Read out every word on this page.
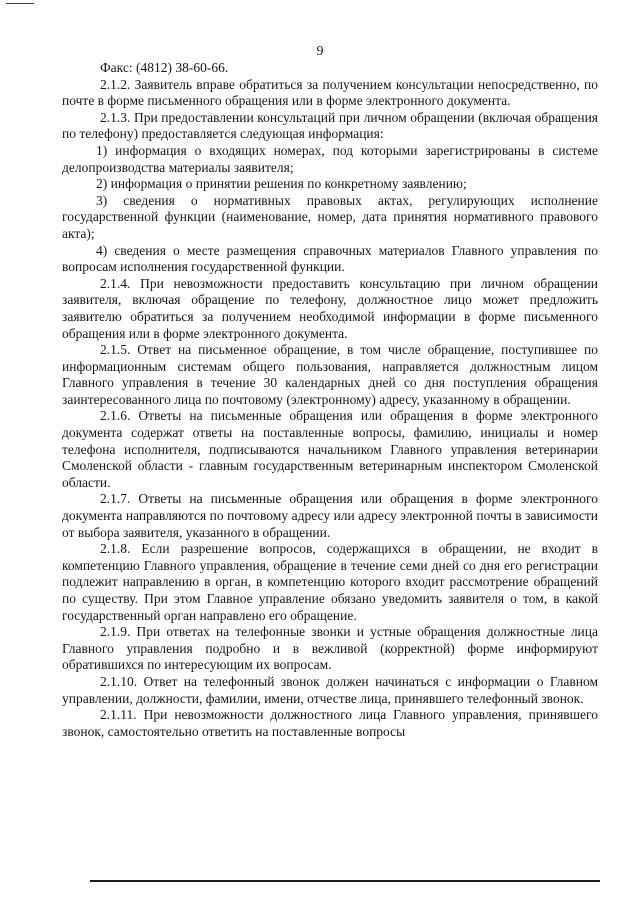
9

Факс: (4812) 38-60-66.

2.1.2. Заявитель вправе обратиться за получением консультации непосредственно, по почте в форме письменного обращения или в форме электронного документа.

2.1.3. При предоставлении консультаций при личном обращении (включая обращения по телефону) предоставляется следующая информация:

1) информация о входящих номерах, под которыми зарегистрированы в системе делопроизводства материалы заявителя;

2) информация о принятии решения по конкретному заявлению;

3) сведения о нормативных правовых актах, регулирующих исполнение государственной функции (наименование, номер, дата принятия нормативного правового акта);

4) сведения о месте размещения справочных материалов Главного управления по вопросам исполнения государственной функции.

2.1.4. При невозможности предоставить консультацию при личном обращении заявителя, включая обращение по телефону, должностное лицо может предложить заявителю обратиться за получением необходимой информации в форме письменного обращения или в форме электронного документа.

2.1.5. Ответ на письменное обращение, в том числе обращение, поступившее по информационным системам общего пользования, направляется должностным лицом Главного управления в течение 30 календарных дней со дня поступления обращения заинтересованного лица по почтовому (электронному) адресу, указанному в обращении.

2.1.6. Ответы на письменные обращения или обращения в форме электронного документа содержат ответы на поставленные вопросы, фамилию, инициалы и номер телефона исполнителя, подписываются начальником Главного управления ветеринарии Смоленской области - главным государственным ветеринарным инспектором Смоленской области.

2.1.7. Ответы на письменные обращения или обращения в форме электронного документа направляются по почтовому адресу или адресу электронной почты в зависимости от выбора заявителя, указанного в обращении.

2.1.8. Если разрешение вопросов, содержащихся в обращении, не входит в компетенцию Главного управления, обращение в течение семи дней со дня его регистрации подлежит направлению в орган, в компетенцию которого входит рассмотрение обращений по существу. При этом Главное управление обязано уведомить заявителя о том, в какой государственный орган направлено его обращение.

2.1.9. При ответах на телефонные звонки и устные обращения должностные лица Главного управления подробно и в вежливой (корректной) форме информируют обратившихся по интересующим их вопросам.

2.1.10. Ответ на телефонный звонок должен начинаться с информации о Главном управлении, должности, фамилии, имени, отчестве лица, принявшего телефонный звонок.

2.1.11. При невозможности должностного лица Главного управления, принявшего звонок, самостоятельно ответить на поставленные вопросы
